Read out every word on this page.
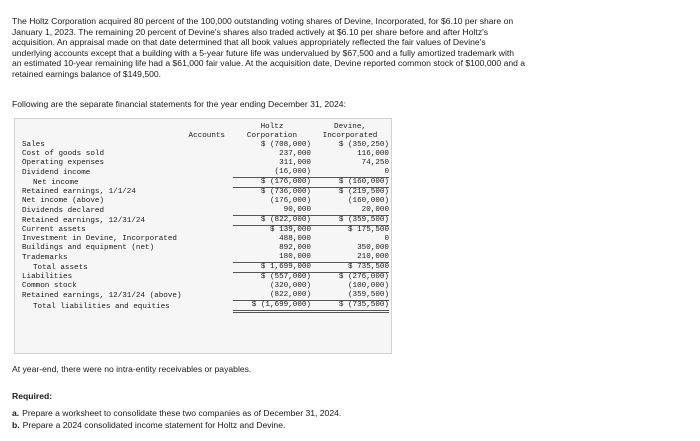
The Holtz Corporation acquired 80 percent of the 100,000 outstanding voting shares of Devine, Incorporated, for $6.10 per share on
January 1, 2023. The remaining 20 percent of Devine's shares also traded actively at $6.10 per share before and after Holtz's
acquisition. An appraisal made on that date determined that all book values appropriately reflected the fair values of Devine's
underlying accounts except that a building with a 5-year future life was undervalued by $67,500 and a fully amortized trademark with
an estimated 10-year remaining life had a $61,000 fair value. At the acquisition date, Devine reported common stock of $100,000 and a
retained earnings balance of $149,500.
Following are the separate financial statements for the year ending December 31, 2024:
	Holtz	Devine,
Accounts	Corporation	Incorporated
Sales	$ (708,000)	$ (350,250)
Cost of goods sold	237,000	116,000
Operating expenses	311,000	74,250
Dividend income	(16,000)	0
Net income	$ (176,000)	$ (160,000)
Retained earnings, 1/1/24	$ (736,000)	$ (219,500)
Net income (above)	(176,000)	(160,000)
Dividends declared	90,000	20,000
Retained earnings, 12/31/24	$ (822,000)	$ (359,500)
Current assets	$ 139,000	$ 175,500
Investment in Devine, Incorporated	488,000	0
Buildings and equipment (net)	892,000	350,000
Trademarks	180,000	210,000
Total assets	$ 1,699,000	$ 735,500
Liabilities	$ (557,000)	$ (276,000)
Common stock	(320,000)	(100,000)
Retained earnings, 12/31/24 (above)	(822,000)	(359,500)
Total liabilities and equities	$ (1,699,000)	$ (735,500)
At year-end, there were no intra-entity receivables or payables.
Required:
a. Prepare a worksheet to consolidate these two companies as of December 31, 2024.
b. Prepare a 2024 consolidated income statement for Holtz and Devine.
